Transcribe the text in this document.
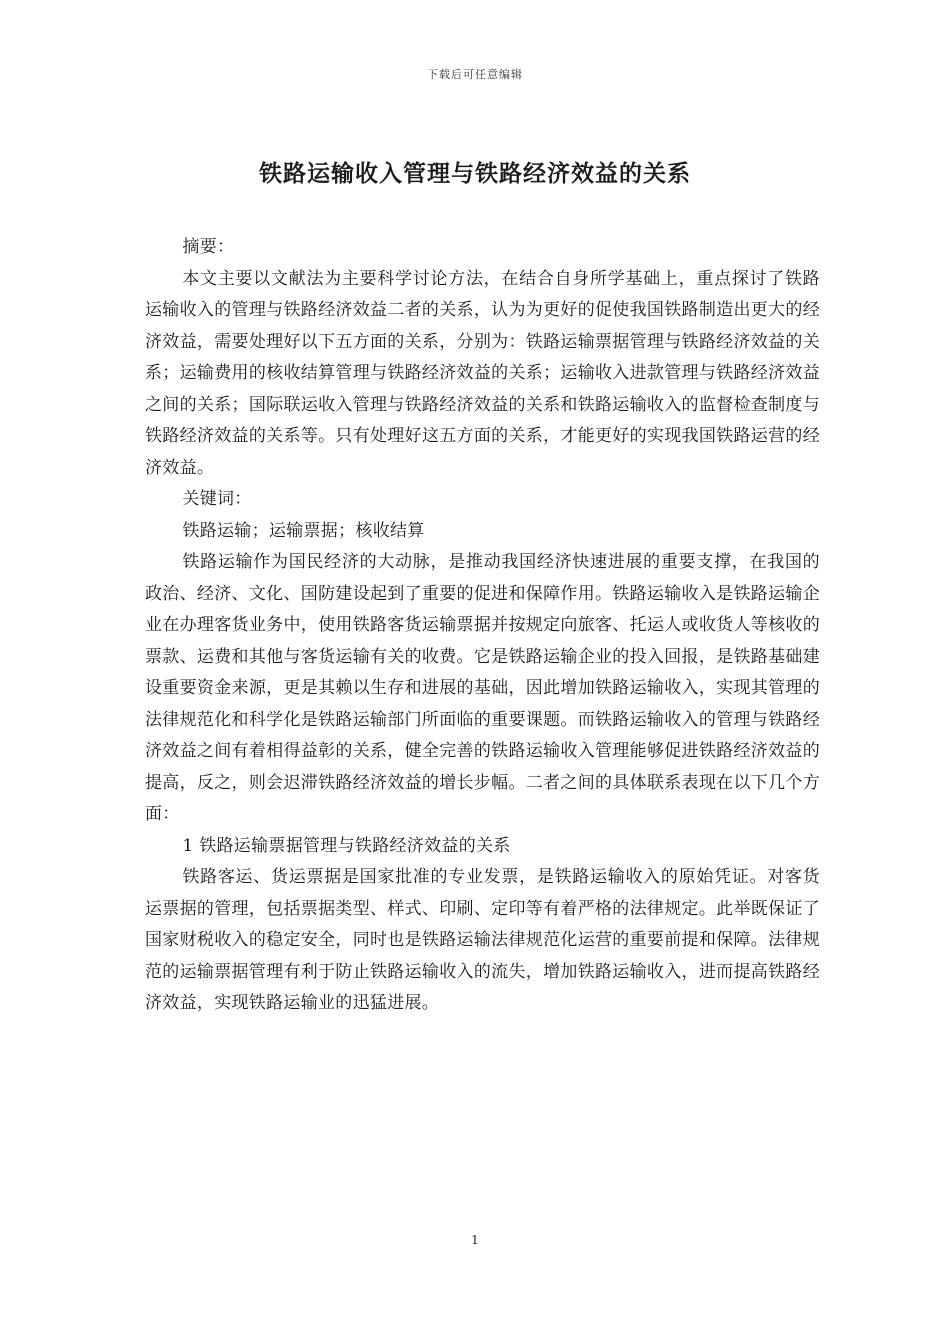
下载后可任意编辑
铁路运输收入管理与铁路经济效益的关系

摘要：

本文主要以文献法为主要科学讨论方法，在结合自身所学基础上，重点探讨了铁路运输收入的管理与铁路经济效益二者的关系，认为为更好的促使我国铁路制造出更大的经济效益，需要处理好以下五方面的关系，分别为：铁路运输票据管理与铁路经济效益的关系；运输费用的核收结算管理与铁路经济效益的关系；运输收入进款管理与铁路经济效益之间的关系；国际联运收入管理与铁路经济效益的关系和铁路运输收入的监督检查制度与铁路经济效益的关系等。只有处理好这五方面的关系，才能更好的实现我国铁路运营的经济效益。

关键词：

铁路运输；运输票据；核收结算

铁路运输作为国民经济的大动脉，是推动我国经济快速进展的重要支撑，在我国的政治、经济、文化、国防建设起到了重要的促进和保障作用。铁路运输收入是铁路运输企业在办理客货业务中，使用铁路客货运输票据并按规定向旅客、托运人或收货人等核收的票款、运费和其他与客货运输有关的收费。它是铁路运输企业的投入回报，是铁路基础建设重要资金来源，更是其赖以生存和进展的基础，因此增加铁路运输收入，实现其管理的法律规范化和科学化是铁路运输部门所面临的重要课题。而铁路运输收入的管理与铁路经济效益之间有着相得益彰的关系，健全完善的铁路运输收入管理能够促进铁路经济效益的提高，反之，则会迟滞铁路经济效益的增长步幅。二者之间的具体联系表现在以下几个方面：

1 铁路运输票据管理与铁路经济效益的关系

铁路客运、货运票据是国家批准的专业发票，是铁路运输收入的原始凭证。对客货运票据的管理，包括票据类型、样式、印刷、定印等有着严格的法律规定。此举既保证了国家财税收入的稳定安全，同时也是铁路运输法律规范化运营的重要前提和保障。法律规范的运输票据管理有利于防止铁路运输收入的流失，增加铁路运输收入，进而提高铁路经济效益，实现铁路运输业的迅猛进展。

1
